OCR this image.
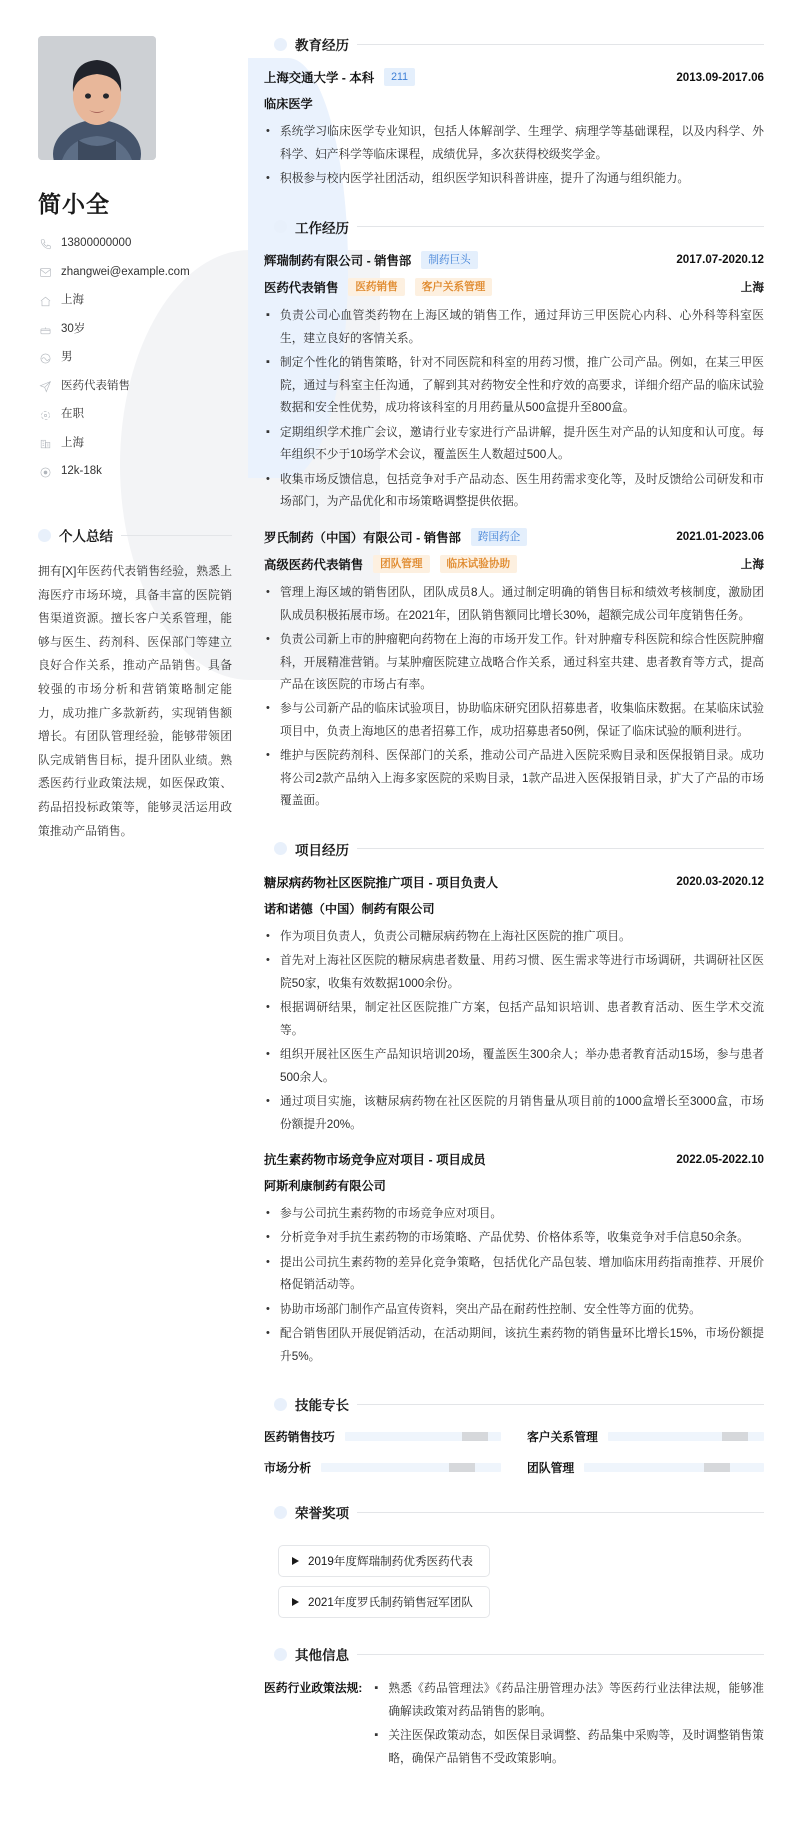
简小全
13800000000
zhangwei@example.com
上海
30岁
男
医药代表销售
在职
上海
12k-18k
个人总结

拥有[X]年医药代表销售经验，熟悉上海医疗市场环境，具备丰富的医院销售渠道资源。擅长客户关系管理，能够与医生、药剂科、医保部门等建立良好合作关系，推动产品销售。具备较强的市场分析和营销策略制定能力，成功推广多款新药，实现销售额增长。有团队管理经验，能够带领团队完成销售目标，提升团队业绩。熟悉医药行业政策法规，如医保政策、药品招投标政策等，能够灵活运用政策推动产品销售。

教育经历
上海交通大学 - 本科	211	2013.09-2017.06
临床医学
• 系统学习临床医学专业知识，包括人体解剖学、生理学、病理学等基础课程，以及内科学、外科学、妇产科学等临床课程，成绩优异，多次获得校级奖学金。
• 积极参与校内医学社团活动，组织医学知识科普讲座，提升了沟通与组织能力。
工作经历
辉瑞制药有限公司 - 销售部	制药巨头	2017.07-2020.12
医药代表销售	医药销售	客户关系管理	上海
▪ 负责公司心血管类药物在上海区域的销售工作，通过拜访三甲医院心内科、心外科等科室医生，建立良好的客情关系。
▪ 制定个性化的销售策略，针对不同医院和科室的用药习惯，推广公司产品。例如，在某三甲医院，通过与科室主任沟通，了解到其对药物安全性和疗效的高要求，详细介绍产品的临床试验数据和安全性优势，成功将该科室的月用药量从500盒提升至800盒。
▪ 定期组织学术推广会议，邀请行业专家进行产品讲解，提升医生对产品的认知度和认可度。每年组织不少于10场学术会议，覆盖医生人数超过500人。
• 收集市场反馈信息，包括竞争对手产品动态、医生用药需求变化等，及时反馈给公司研发和市场部门，为产品优化和市场策略调整提供依据。
罗氏制药（中国）有限公司 - 销售部	跨国药企	2021.01-2023.06
高级医药代表销售	团队管理	临床试验协助	上海
• 管理上海区域的销售团队，团队成员8人。通过制定明确的销售目标和绩效考核制度，激励团队成员积极拓展市场。在2021年，团队销售额同比增长30%，超额完成公司年度销售任务。
• 负责公司新上市的肿瘤靶向药物在上海的市场开发工作。针对肿瘤专科医院和综合性医院肿瘤科，开展精准营销。与某肿瘤医院建立战略合作关系，通过科室共建、患者教育等方式，提高产品在该医院的市场占有率。
• 参与公司新产品的临床试验项目，协助临床研究团队招募患者，收集临床数据。在某临床试验项目中，负责上海地区的患者招募工作，成功招募患者50例，保证了临床试验的顺利进行。
• 维护与医院药剂科、医保部门的关系，推动公司产品进入医院采购目录和医保报销目录。成功将公司2款产品纳入上海多家医院的采购目录，1款产品进入医保报销目录，扩大了产品的市场覆盖面。
项目经历
糖尿病药物社区医院推广项目 - 项目负责人	2020.03-2020.12
诺和诺德（中国）制药有限公司
• 作为项目负责人，负责公司糖尿病药物在上海社区医院的推广项目。
• 首先对上海社区医院的糖尿病患者数量、用药习惯、医生需求等进行市场调研，共调研社区医院50家，收集有效数据1000余份。
• 根据调研结果，制定社区医院推广方案，包括产品知识培训、患者教育活动、医生学术交流等。
• 组织开展社区医生产品知识培训20场，覆盖医生300余人；举办患者教育活动15场，参与患者500余人。
• 通过项目实施，该糖尿病药物在社区医院的月销售量从项目前的1000盒增长至3000盒，市场份额提升20%。
抗生素药物市场竞争应对项目 - 项目成员	2022.05-2022.10
阿斯利康制药有限公司
• 参与公司抗生素药物的市场竞争应对项目。
• 分析竞争对手抗生素药物的市场策略、产品优势、价格体系等，收集竞争对手信息50余条。
• 提出公司抗生素药物的差异化竞争策略，包括优化产品包装、增加临床用药指南推荐、开展价格促销活动等。
• 协助市场部门制作产品宣传资料，突出产品在耐药性控制、安全性等方面的优势。
• 配合销售团队开展促销活动，在活动期间，该抗生素药物的销售量环比增长15%，市场份额提升5%。
技能专长
医药销售技巧	客户关系管理
市场分析	团队管理
荣誉奖项
2019年度辉瑞制药优秀医药代表
2021年度罗氏制药销售冠军团队
其他信息
医药行业政策法规: ▪ 熟悉《药品管理法》《药品注册管理办法》等医药行业法律法规，能够准确解读政策对药品销售的影响。
▪ 关注医保政策动态，如医保目录调整、药品集中采购等，及时调整销售策略，确保产品销售不受政策影响。
